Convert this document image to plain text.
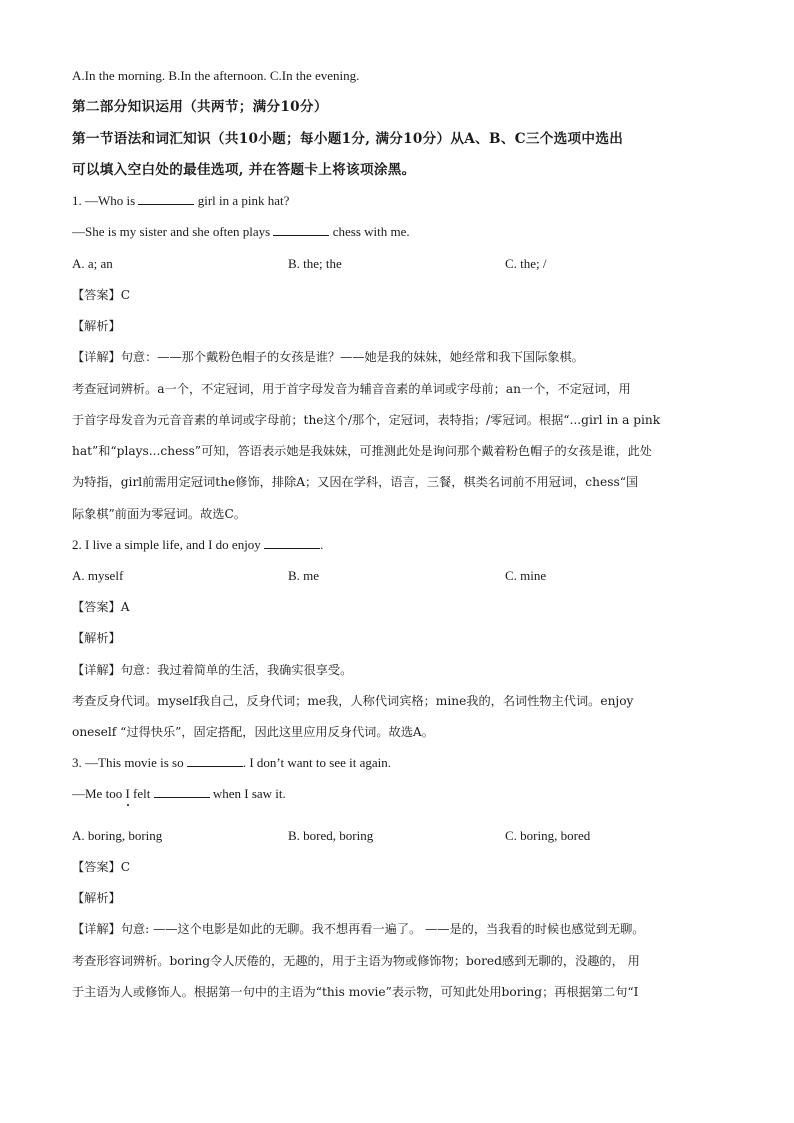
A.In the morning. B.In the afternoon. C.In the evening.
第二部分知识运用（共两节；满分10分）
第一节语法和词汇知识（共10小题；每小题1分, 满分10分）从A、B、C三个选项中选出
可以填入空白处的最佳选项, 并在答题卡上将该项涂黑。
1. —Who is	girl in a pink hat?
—She is my sister and she often plays	chess with me.
A. a; an	B. the; the	C. the; /
【答案】C
【解析】
【详解】句意：——那个戴粉色帽子的女孩是谁？——她是我的妹妹，她经常和我下国际象棋。
考查冠词辨析。a一个，不定冠词，用于首字母发音为辅音音素的单词或字母前；an一个，不定冠词，用
于首字母发音为元音音素的单词或字母前；the这个/那个，定冠词，表特指；/零冠词。根据“...girl in a pink
hat”和“plays...chess”可知，答语表示她是我妹妹，可推测此处是询问那个戴着粉色帽子的女孩是谁，此处
为特指，girl前需用定冠词the修饰，排除A；又因在学科，语言，三餐，棋类名词前不用冠词，chess“国
际象棋”前面为零冠词。故选C。
2. I live a simple life, and I do enjoy	.
A. myself	B. me	C. mine
【答案】A
【解析】
【详解】句意：我过着简单的生活，我确实很享受。
考查反身代词。myself我自己，反身代词；me我，人称代词宾格；mine我的，名词性物主代词。enjoy
oneself “过得快乐”，固定搭配，因此这里应用反身代词。故选A。
3. —This movie is so	. I don’t want to see it again.
—Me too I felt	when I saw it.
A. boring, boring	B. bored, boring	C. boring, bored
【答案】C
【解析】
【详解】句意: ——这个电影是如此的无聊。我不想再看一遍了。 ——是的，当我看的时候也感觉到无聊。
考查形容词辨析。boring令人厌倦的，无趣的，用于主语为物或修饰物；bored感到无聊的，没趣的， 用
于主语为人或修饰人。根据第一句中的主语为“this movie”表示物，可知此处用boring；再根据第二句“I
